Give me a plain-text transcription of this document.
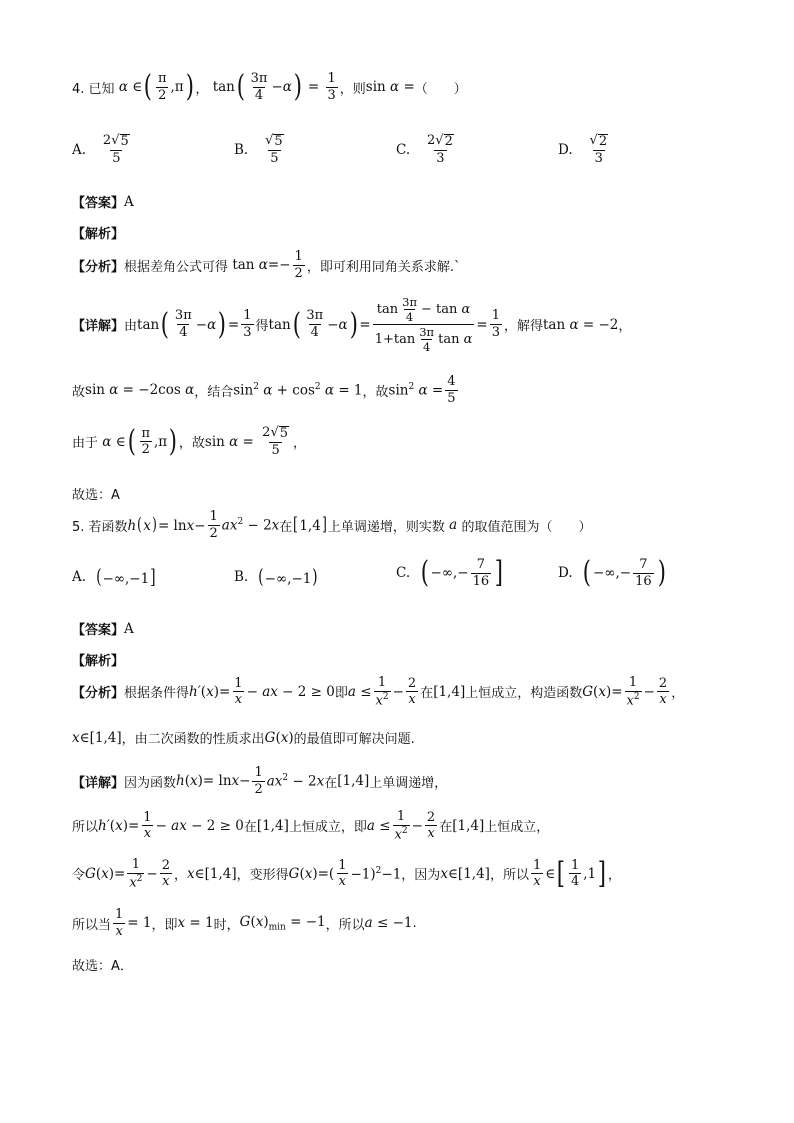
4. 已知 α ∈ ( $\frac{\pi}{2} ,\pi$ ) ， tan ( $\frac{3\pi}{4} - \alpha$ ) = $\frac{1}{3}$ ，则 sin α = （　　）
A.
$\frac{2 √ 5}{5}$	B.
$\frac{√ 5}{5}$	C.
$\frac{2 √ 2}{3}$	D.
$\frac{√ 2}{3}$
【答案】 A
【解析】
【分析】 根据差角公式可得 $\tan \alpha=- \frac{1}{2}$ ，即可利用同角关系求解.`
【详解】 由 tan ( $\frac{3\pi}{4} - \alpha$ ) = $\frac{1}{3}$ 得 tan ( $\frac{3\pi}{4} - \alpha$ ) = $\frac{\tan \frac{3\pi}{4} - \tan \alpha}{1+\tan \frac{3\pi}{4} \tan \alpha} = \frac{1}{3}$ ，解得 tan α = −2 ，
故 sin α = −2cos α ，结合 $\sin^2 \alpha + \cos^2 \alpha = 1$ ，故 $\sin^2 \alpha = \frac{4}{5}$
由于 α ∈ ( $\frac{\pi}{2} ,\pi$ ) ，故 $\sin \alpha = \frac{2 √ 5}{5}$ ，
故选：A
5. 若函数 $h(x)= \ln x- \frac{1}{2} ax^2 - 2x$ 在 [1,4] 上单调递增，则实数 a 的取值范围为（　　）
A.
(−∞,−1]	B.
(−∞,−1)	C.
( −∞,− $\frac{7}{16}$ ]	D.
( −∞,− $\frac{7}{16}$ )
【答案】 A
【解析】
【分析】 根据条件得 $h'(x)= \frac{1}{x}$ − ax − 2 ≥ 0 即 $a \le \frac{1}{x^2} - \frac{2}{x}$ 在 [1,4] 上恒成立，构造函数 $G(x)= \frac{1}{x^2} - \frac{2}{x}$ ，
x∈[1,4] ，由二次函数的性质求出 G(x) 的最值即可解决问题.
【详解】 因为函数 $h(x)= \ln x- \frac{1}{2} ax^2 - 2x$ 在 [1,4] 上单调递增，
所以 $h'(x)= \frac{1}{x}$ − ax − 2 ≥ 0 在 [1,4] 上恒成立，即 $a \le \frac{1}{x^2} - \frac{2}{x}$ 在 [1,4] 上恒成立，
令 $G(x)= \frac{1}{x^2} - \frac{2}{x}$ ， x∈[1,4] ，变形得 $G(x)=( \frac{1}{x} -1)^2-1$ ，因为 x∈[1,4] ，所以 $\frac{1}{x}$ ∈ [ $\frac{1}{4} ,1$ ] ，
所以当 $\frac{1}{x} = 1$ ，即 x = 1 时， $G(x)_{min} = -1$ ，所以 a ≤ −1 .
故选：A．
